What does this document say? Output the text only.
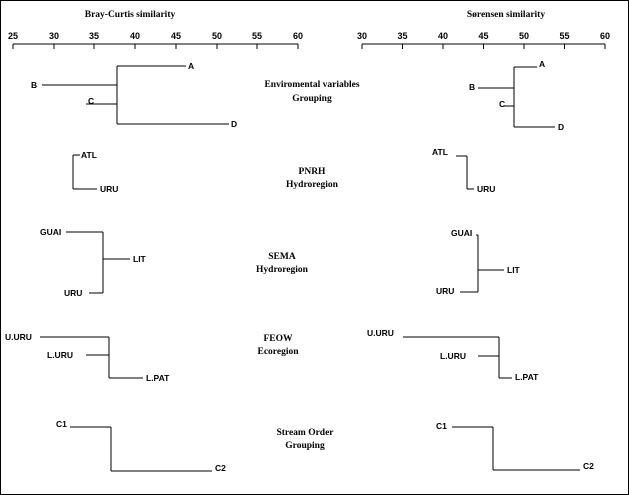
Bray-Curtis similarity	Sørensen similarity
25	30	35	40	45	50	55	60	30	35	40	45	50	55	60
A
B
C
D
A
B
C
D
Enviromental variables
Grouping
ATL
URU
ATL
URU
PNRH
Hydroregion
GUAI
LIT
URU
GUAI
LIT
URU
SEMA
Hydroregion
U.URU
L.URU
L.PAT
U.URU
L.URU
L.PAT
FEOW
Ecoregion
C1
C2
C1
C2
Stream Order
Grouping
